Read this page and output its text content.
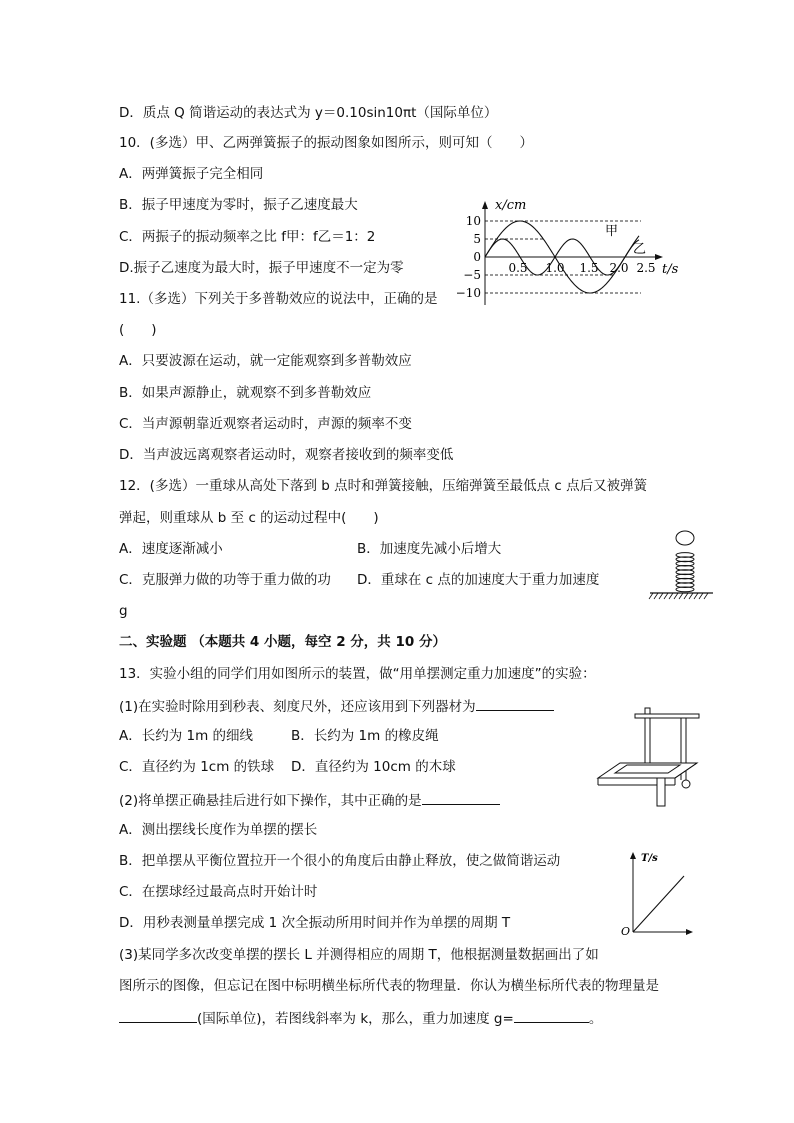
D．质点 Q 简谐运动的表达式为 y＝0.10sin10πt（国际单位）
10．(多选）甲、乙两弹簧振子的振动图象如图所示，则可知（　　）
A．两弹簧振子完全相同
B．振子甲速度为零时，振子乙速度最大
C．两振子的振动频率之比 f甲：f乙＝1：2
D.振子乙速度为最大时，振子甲速度不一定为零
11.（多选）下列关于多普勒效应的说法中，正确的是
(　　)
A．只要波源在运动，就一定能观察到多普勒效应
B．如果声源静止，就观察不到多普勒效应
C．当声源朝靠近观察者运动时，声源的频率不变
D．当声波远离观察者运动时，观察者接收到的频率变低
12．(多选）一重球从高处下落到 b 点时和弹簧接触，压缩弹簧至最低点 c 点后又被弹簧
弹起，则重球从 b 至 c 的运动过程中(　　)
A．速度逐渐减小	B．加速度先减小后增大
C．克服弹力做的功等于重力做的功 D．重球在 c 点的加速度大于重力加速度
g
二、实验题 （本题共 4 小题，每空 2 分，共 10 分）
13．实验小组的同学们用如图所示的装置，做“用单摆测定重力加速度”的实验：
(1)在实验时除用到秒表、刻度尺外，还应该用到下列器材为
A．长约为 1m 的细线	B．长约为 1m 的橡皮绳
C．直径约为 1cm 的铁球 D．直径约为 10cm 的木球
(2)将单摆正确悬挂后进行如下操作，其中正确的是
A．测出摆线长度作为单摆的摆长
B．把单摆从平衡位置拉开一个很小的角度后由静止释放，使之做简谐运动
C．在摆球经过最高点时开始计时
D．用秒表测量单摆完成 1 次全振动所用时间并作为单摆的周期 T
(3)某同学多次改变单摆的摆长 L 并测得相应的周期 T，他根据测量数据画出了如
图所示的图像，但忘记在图中标明横坐标所代表的物理量．你认为横坐标所代表的物理量是
(国际单位)，若图线斜率为 k，那么，重力加速度 g=	。
x/cm
t/s
10
5
0
−5
−10
0.5 1.0 1.5 2.0 2.5
甲
乙
T/s
O
